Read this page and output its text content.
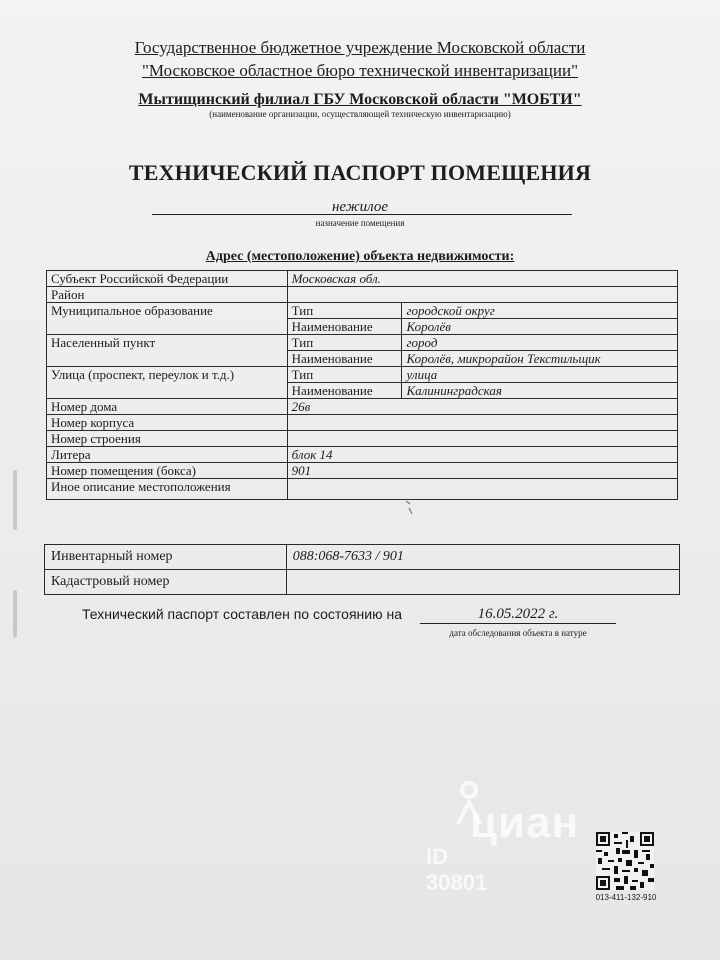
Государственное бюджетное учреждение Московской области
"Московское областное бюро технической инвентаризации"
Мытищинский филиал ГБУ Московской области "МОБТИ"
(наименование организации, осуществляющей техническую инвентаризацию)
ТЕХНИЧЕСКИЙ ПАСПОРТ ПОМЕЩЕНИЯ
нежилое
назначение помещения
Адрес (местоположение) объекта недвижимости:
Субъект Российской Федерации	Московская обл.	
Район		
Муниципальное образование	Тип	городской округ
	Наименование	Королёв
Населенный пункт	Тип	город
	Наименование	Королёв, микрорайон Текстильщик
Улица (проспект, переулок и т.д.)	Тип	улица
	Наименование	Калининградская
Номер дома	26в	
Номер корпуса		
Номер строения		
Литера	блок 14	
Номер помещения (бокса)	901	
Иное описание местоположения		
Инвентарный номер	088:068-7633 / 901
Кадастровый номер	
Технический паспорт составлен по состоянию на	16.05.2022 г.
дата обследования объекта в натуре
циан
ID 30801
013-411-132-910
